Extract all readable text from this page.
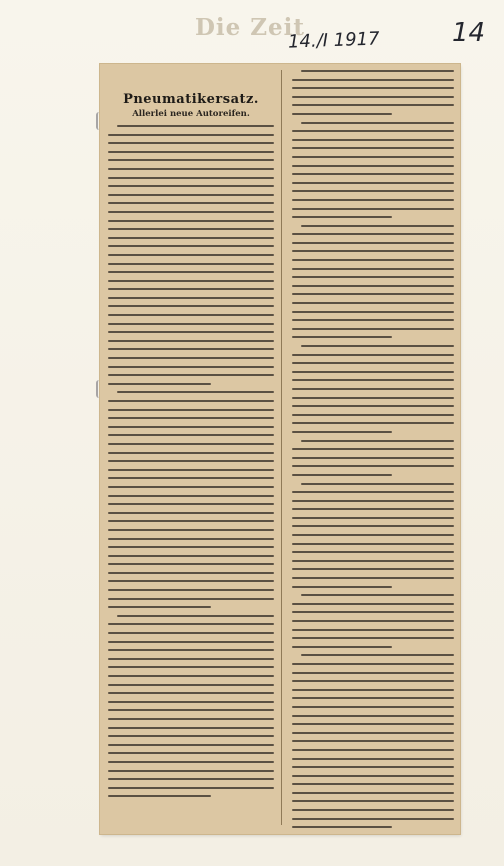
Die Zeit
14./I 1917	14
Pneumatikersatz.
Allerlei neue Autoreifen.
